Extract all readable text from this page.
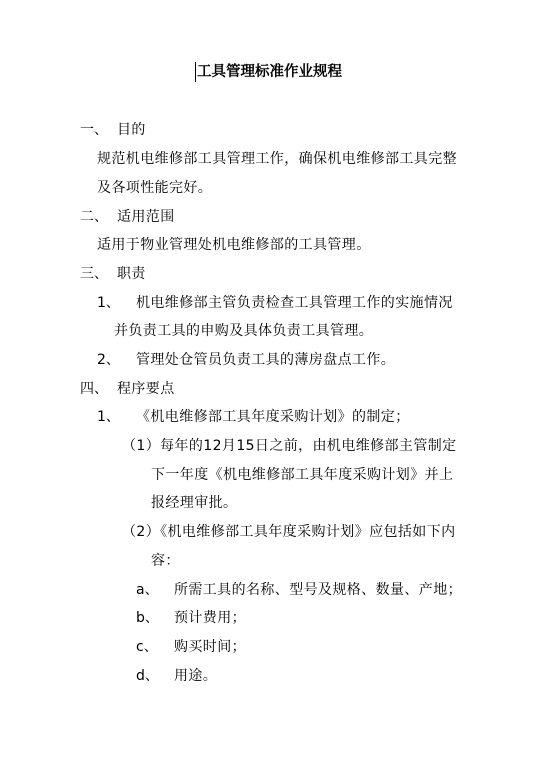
工具管理标准作业规程
一、 目的
规范机电维修部工具管理工作，确保机电维修部工具完整
及各项性能完好。
二、 适用范围
适用于物业管理处机电维修部的工具管理。
三、 职责
1、 机电维修部主管负责检查工具管理工作的实施情况
并负责工具的申购及具体负责工具管理。
2、 管理处仓管员负责工具的薄房盘点工作。
四、 程序要点
1、 《机电维修部工具年度采购计划》的制定；
（1）每年的12月15日之前，由机电维修部主管制定
下一年度《机电维修部工具年度采购计划》并上
报经理审批。
（2）《机电维修部工具年度采购计划》应包括如下内
容：
a、 所需工具的名称、型号及规格、数量、产地；
b、 预计费用；
c、 购买时间；
d、 用途。
